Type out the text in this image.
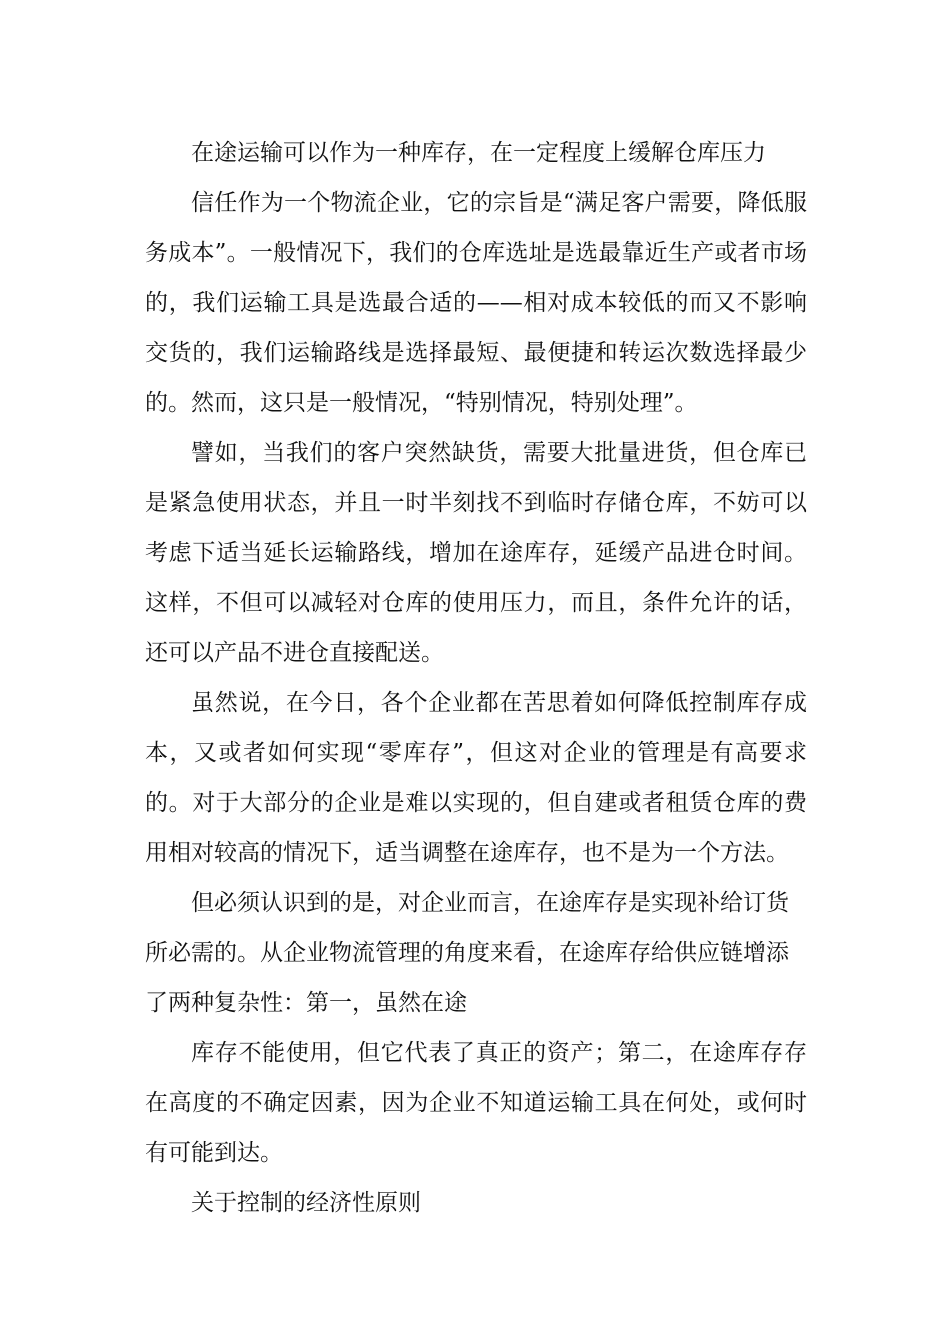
在途运输可以作为一种库存，在一定程度上缓解仓库压力

信任作为一个物流企业，它的宗旨是“满足客户需要，降低服务成本”。一般情况下，我们的仓库选址是选最靠近生产或者市场的，我们运输工具是选最合适的——相对成本较低的而又不影响交货的，我们运输路线是选择最短、最便捷和转运次数选择最少的。然而，这只是一般情况，“特别情况，特别处理”。

譬如，当我们的客户突然缺货，需要大批量进货，但仓库已是紧急使用状态，并且一时半刻找不到临时存储仓库，不妨可以考虑下适当延长运输路线，增加在途库存，延缓产品进仓时间。这样，不但可以减轻对仓库的使用压力，而且，条件允许的话，还可以产品不进仓直接配送。

虽然说，在今日，各个企业都在苦思着如何降低控制库存成本，又或者如何实现“零库存”，但这对企业的管理是有高要求的。对于大部分的企业是难以实现的，但自建或者租赁仓库的费用相对较高的情况下，适当调整在途库存，也不是为一个方法。

但必须认识到的是，对企业而言，在途库存是实现补给订货所必需的。从企业物流管理的角度来看，在途库存给供应链增添了两种复杂性：第一，虽然在途

库存不能使用，但它代表了真正的资产；第二，在途库存存在高度的不确定因素，因为企业不知道运输工具在何处，或何时有可能到达。

关于控制的经济性原则
